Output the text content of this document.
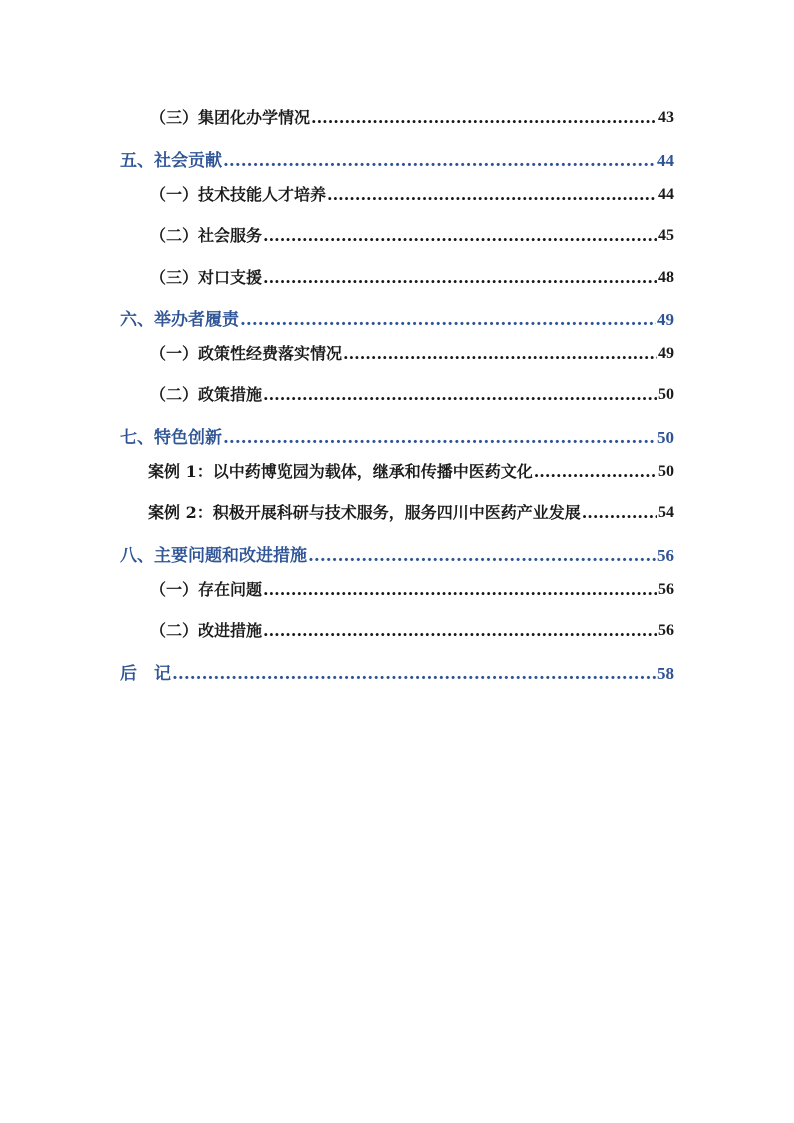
（三）集团化办学情况 .....	43
五、社会贡献 .....	44
（一）技术技能人才培养 .....	44
（二）社会服务 .....	45
（三）对口支援 .....	48
六、举办者履责 .....	49
（一）政策性经费落实情况 .....	49
（二）政策措施 .....	50
七、特色创新 .....	50
案例 1：以中药博览园为载体，继承和传播中医药文化 .....	50
案例 2：积极开展科研与技术服务，服务四川中医药产业发展 .....	54
八、主要问题和改进措施 .....	56
（一）存在问题 .....	56
（二）改进措施 .....	56
后　记 .....	58
